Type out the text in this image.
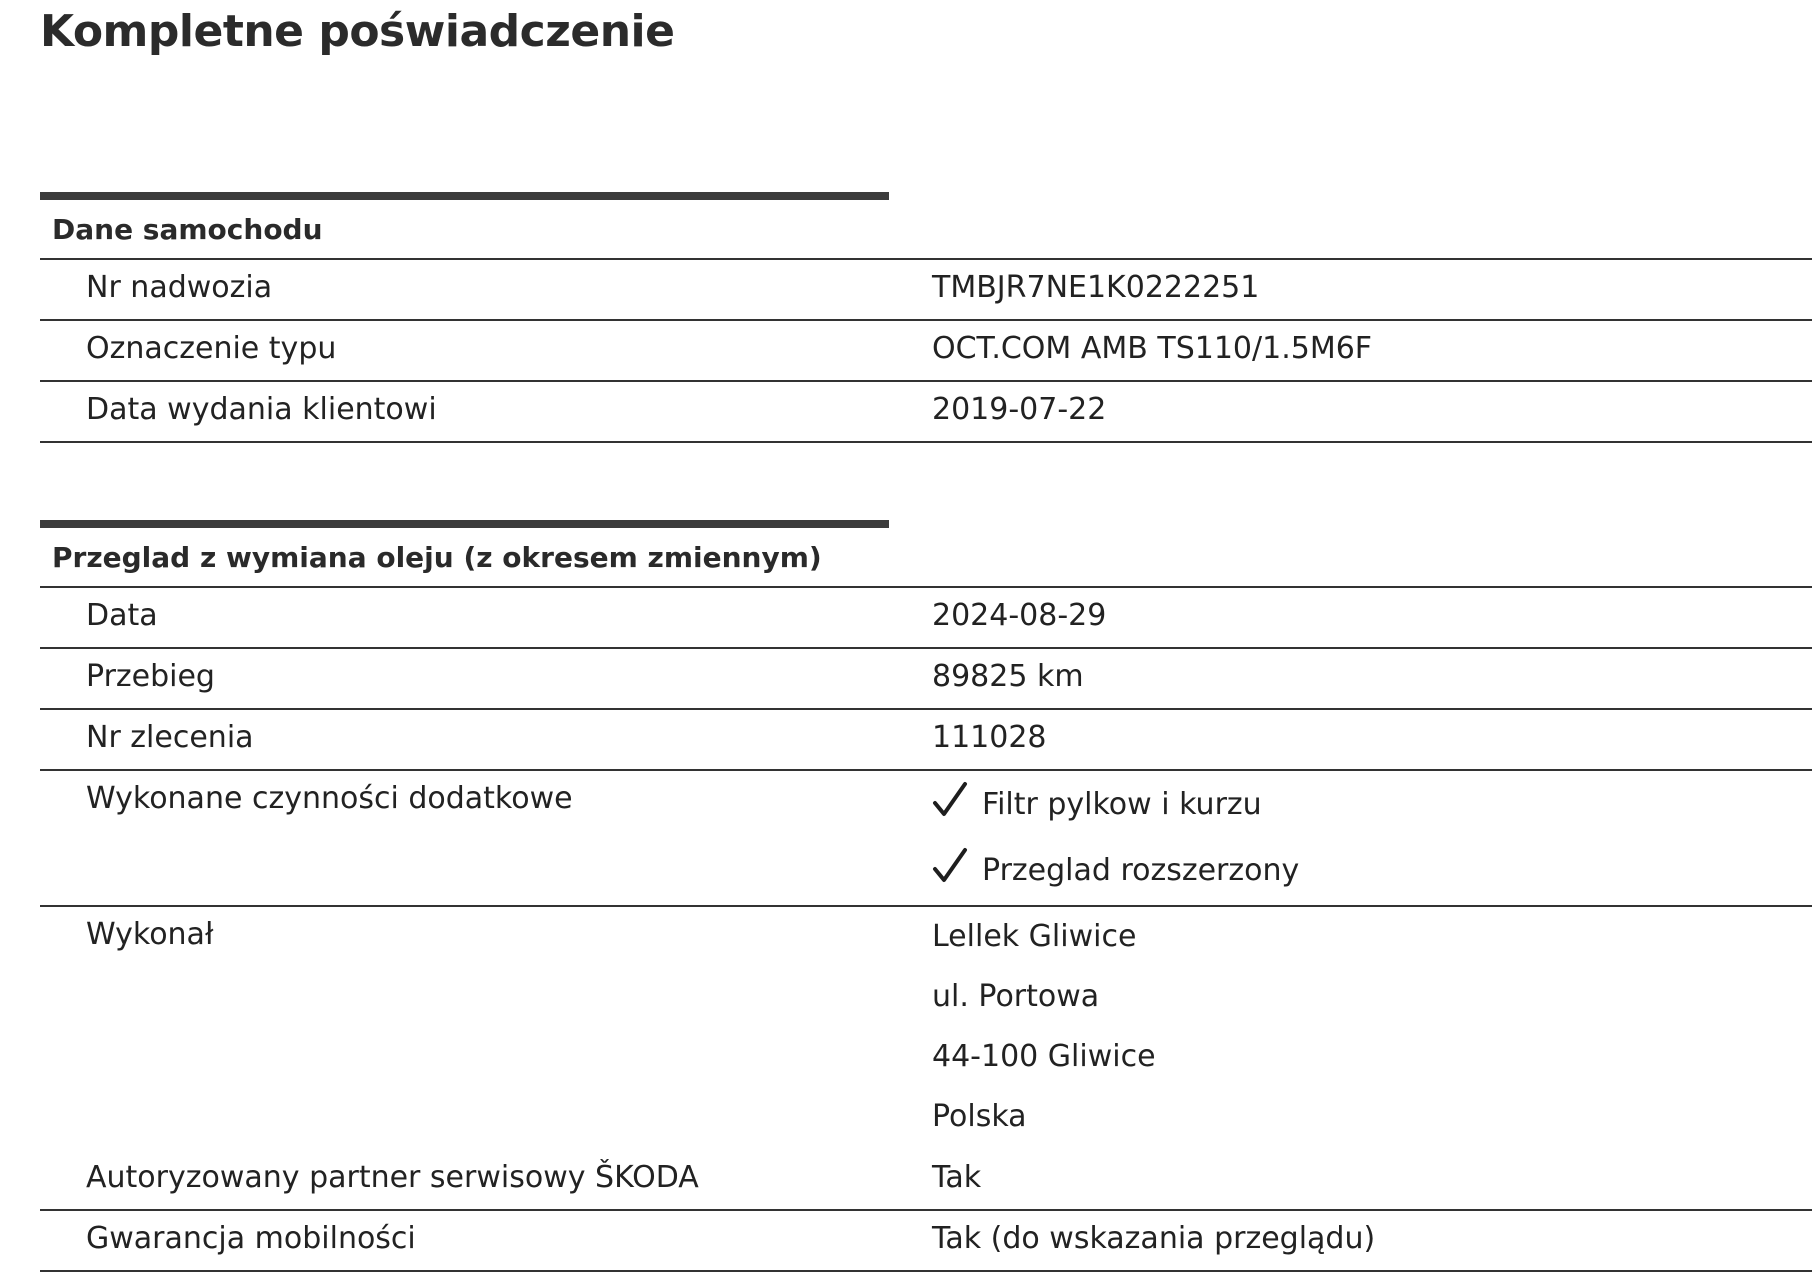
Kompletne poświadczenie
Dane samochodu
Nr nadwozia	TMBJR7NE1K0222251
Oznaczenie typu	OCT.COM AMB TS110/1.5M6F
Data wydania klientowi	2019-07-22
Przeglad z wymiana oleju (z okresem zmiennym)
Data	2024-08-29
Przebieg	89825 km
Nr zlecenia	111028
Wykonane czynności dodatkowe	Filtr pylkow i kurzu
Przeglad rozszerzony
Wykonał	Lellek Gliwice
ul. Portowa
44-100 Gliwice
Polska
Autoryzowany partner serwisowy ŠKODA	Tak
Gwarancja mobilności	Tak (do wskazania przeglądu)
